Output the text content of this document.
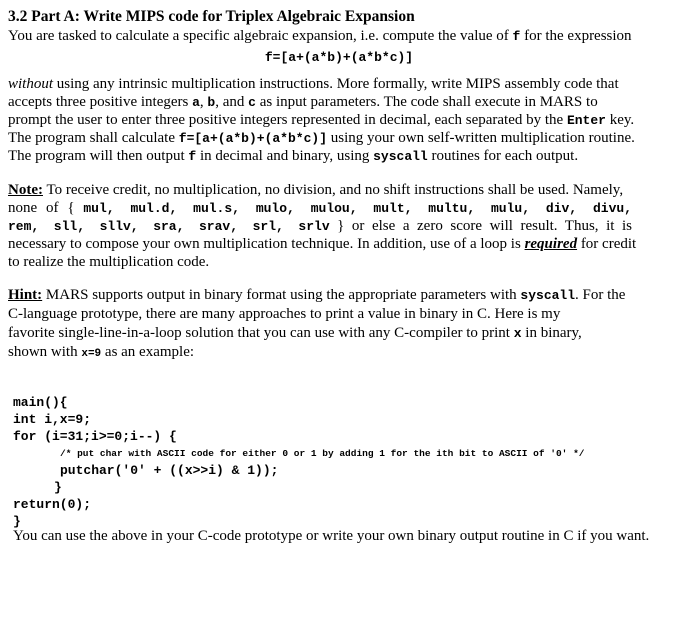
3.2 Part A: Write MIPS code for Triplex Algebraic Expansion
You are tasked to calculate a specific algebraic expansion, i.e. compute the value of f for the expression
f=[a+(a*b)+(a*b*c)]
without using any intrinsic multiplication instructions. More formally, write MIPS assembly code that
accepts three positive integers a, b, and c as input parameters. The code shall execute in MARS to
prompt the user to enter three positive integers represented in decimal, each separated by the Enter key.
The program shall calculate f=[a+(a*b)+(a*b*c)] using your own self-written multiplication routine.
The program will then output f in decimal and binary, using syscall routines for each output.
Note: To receive credit, no multiplication, no division, and no shift instructions shall be used. Namely,
none of { mul, mul.d, mul.s, mulo, mulou, mult, multu, mulu, div, divu,
rem, sll, sllv, sra, srav, srl, srlv } or else a zero score will result. Thus, it is
necessary to compose your own multiplication technique. In addition, use of a loop is required for credit
to realize the multiplication code.
Hint: MARS supports output in binary format using the appropriate parameters with syscall. For the
C-language prototype, there are many approaches to print a value in binary in C. Here is my
favorite single-line-in-a-loop solution that you can use with any C-compiler to print x in binary,
shown with x=9 as an example:
main(){
int i,x=9;
for (i=31;i>=0;i--) {
/* put char with ASCII code for either 0 or 1 by adding 1 for the ith bit to ASCII of '0' */
putchar('0' + ((x>>i) & 1));
}
return(0);
}
You can use the above in your C-code prototype or write your own binary output routine in C if you want.
